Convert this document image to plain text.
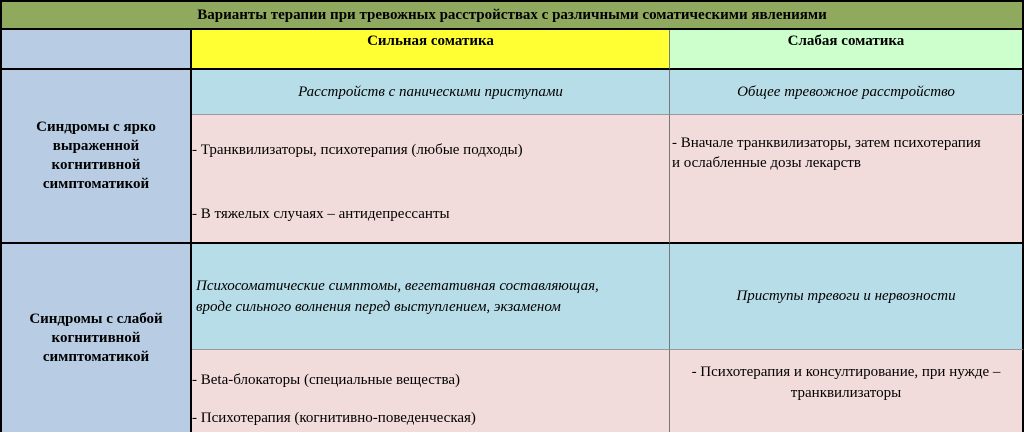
Варианты терапии при тревожных расстройствах с различными соматическими явлениями
Сильная соматика	Слабая соматика
Синдромы с ярко выраженной когнитивной симптоматикой
Расстройств с паническими приступами	Общее тревожное расстройство
- Транквилизаторы, психотерапия (любые подходы)
- В тяжелых случаях – антидепрессанты
- Вначале транквилизаторы, затем психотерапия
и ослабленные дозы лекарств
Синдромы с слабой когнитивной симптоматикой
Психосоматические симптомы, вегетативная составляющая,
вроде сильного волнения перед выступлением, экзаменом
Приступы тревоги и нервозности
- Beta-блокаторы (специальные вещества)
- Психотерапия (когнитивно-поведенческая)
- Психотерапия и консултирование, при нужде –
транквилизаторы
